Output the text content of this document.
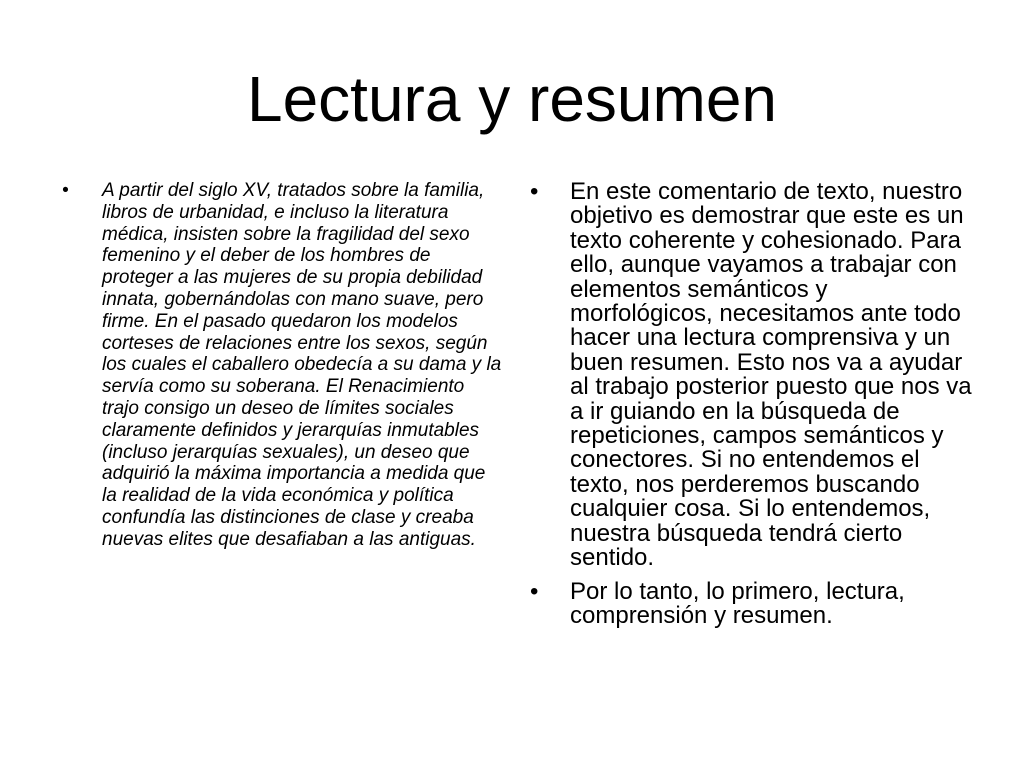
Lectura y resumen
• A partir del siglo XV, tratados sobre la familia, libros de urbanidad, e incluso la literatura médica, insisten sobre la fragilidad del sexo femenino y el deber de los hombres de proteger a las mujeres de su propia debilidad innata, gobernándolas con mano suave, pero firme. En el pasado quedaron los modelos corteses de relaciones entre los sexos, según los cuales el caballero obedecía a su dama y la servía como su soberana. El Renacimiento trajo consigo un deseo de límites sociales claramente definidos y jerarquías inmutables (incluso jerarquías sexuales), un deseo que adquirió la máxima importancia a medida que la realidad de la vida económica y política confundía las distinciones de clase y creaba nuevas elites que desafiaban a las antiguas.
• En este comentario de texto, nuestro objetivo es demostrar que este es un texto coherente y cohesionado. Para ello, aunque vayamos a trabajar con elementos semánticos y morfológicos, necesitamos ante todo hacer una lectura comprensiva y un buen resumen. Esto nos va a ayudar al trabajo posterior puesto que nos va a ir guiando en la búsqueda de repeticiones, campos semánticos y conectores. Si no entendemos el texto, nos perderemos buscando cualquier cosa. Si lo entendemos, nuestra búsqueda tendrá cierto sentido.
• Por lo tanto, lo primero, lectura, comprensión y resumen.
